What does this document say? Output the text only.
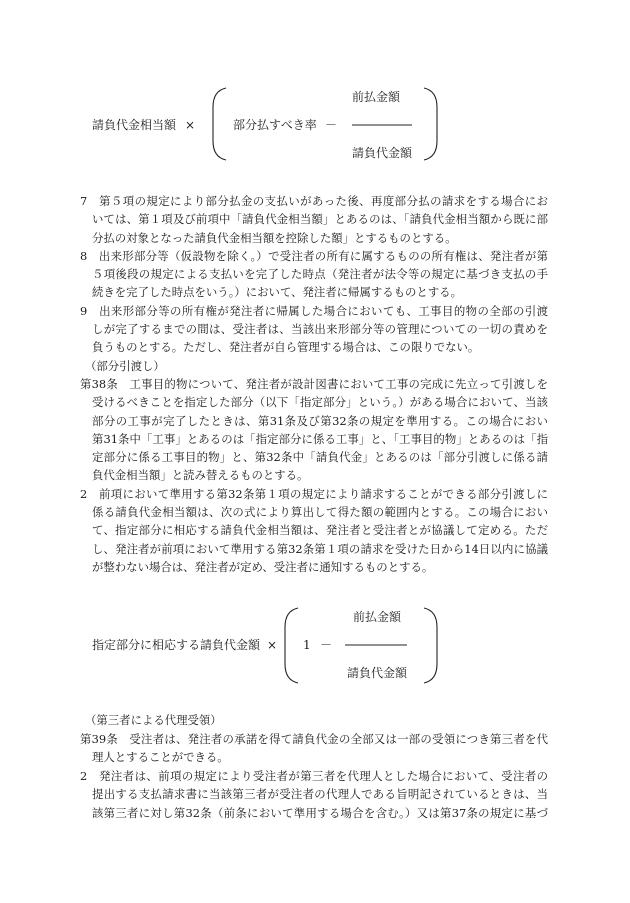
請負代金相当額 ×	部分払すべき率 －
前払金額
請負代金額
7 第５項の規定により部分払金の支払いがあった後、再度部分払の請求をする場合にお
いては、第１項及び前項中「請負代金相当額」とあるのは、「請負代金相当額から既に部
分払の対象となった請負代金相当額を控除した額」とするものとする。
8 出来形部分等（仮設物を除く。）で受注者の所有に属するものの所有権は、発注者が第
５項後段の規定による支払いを完了した時点（発注者が法令等の規定に基づき支払の手
続きを完了した時点をいう。）において、発注者に帰属するものとする。
9 出来形部分等の所有権が発注者に帰属した場合においても、工事目的物の全部の引渡
しが完了するまでの間は、受注者は、当該出来形部分等の管理についての一切の責めを
負うものとする。ただし、発注者が自ら管理する場合は、この限りでない。
（部分引渡し）
第38条 工事目的物について、発注者が設計図書において工事の完成に先立って引渡しを
受けるべきことを指定した部分（以下「指定部分」という。）がある場合において、当該
部分の工事が完了したときは、第31条及び第32条の規定を準用する。この場合におい
第31条中「工事」とあるのは「指定部分に係る工事」と、「工事目的物」とあるのは「指
定部分に係る工事目的物」と、第32条中「請負代金」とあるのは「部分引渡しに係る請
負代金相当額」と読み替えるものとする。
2 前項において準用する第32条第１項の規定により請求することができる部分引渡しに
係る請負代金相当額は、次の式により算出して得た額の範囲内とする。この場合におい
て、指定部分に相応する請負代金相当額は、発注者と受注者とが協議して定める。ただ
し、発注者が前項において準用する第32条第１項の請求を受けた日から14日以内に協議
が整わない場合は、発注者が定め、受注者に通知するものとする。
指定部分に相応する請負代金額 × 1 －
前払金額
請負代金額
（第三者による代理受領）
第39条 受注者は、発注者の承諾を得て請負代金の全部又は一部の受領につき第三者を代
理人とすることができる。
2 発注者は、前項の規定により受注者が第三者を代理人とした場合において、受注者の
提出する支払請求書に当該第三者が受注者の代理人である旨明記されているときは、当
該第三者に対し第32条（前条において準用する場合を含む。）又は第37条の規定に基づ
